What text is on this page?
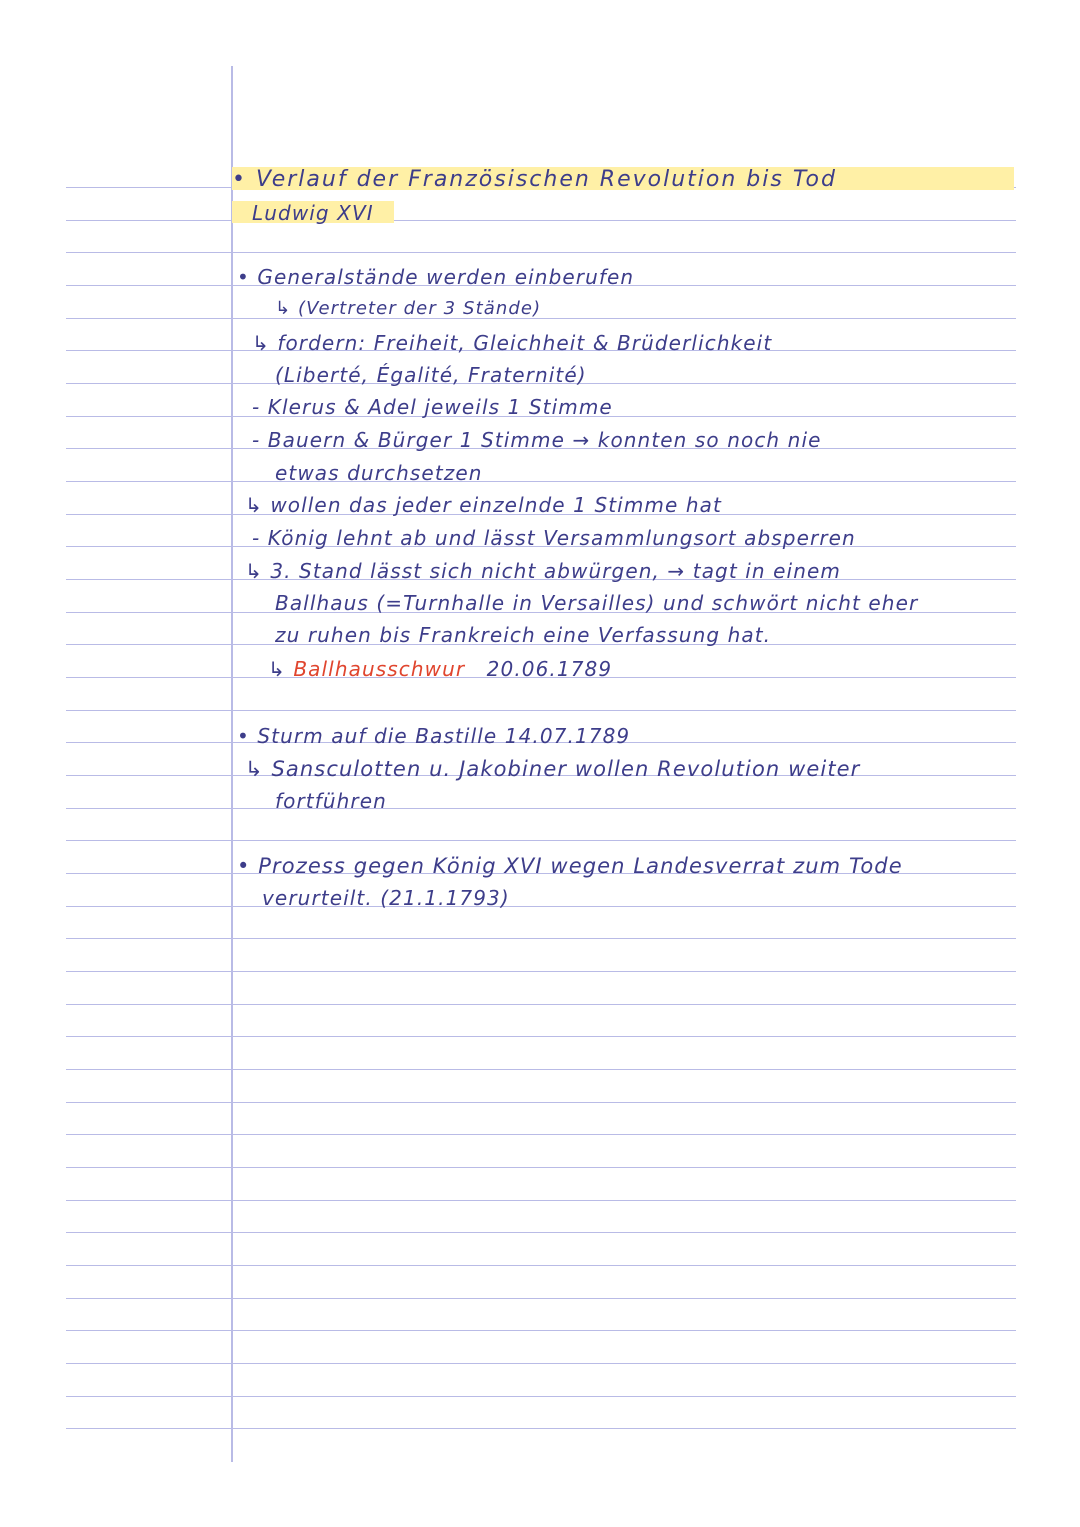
• Verlauf der Französischen Revolution bis Tod
Ludwig XVI
• Generalstände werden einberufen
↳ (Vertreter der 3 Stände)
↳ fordern: Freiheit, Gleichheit & Brüderlichkeit
(Liberté, Égalité, Fraternité)
- Klerus & Adel jeweils 1 Stimme
- Bauern & Bürger 1 Stimme → konnten so noch nie
etwas durchsetzen
↳ wollen das jeder einzelnde 1 Stimme hat
- König lehnt ab und lässt Versammlungsort absperren
↳ 3. Stand lässt sich nicht abwürgen, → tagt in einem
Ballhaus (=Turnhalle in Versailles) und schwört nicht eher
zu ruhen bis Frankreich eine Verfassung hat.
↳ Ballhausschwur 20.06.1789
• Sturm auf die Bastille 14.07.1789
↳ Sansculotten u. Jakobiner wollen Revolution weiter
fortführen
• Prozess gegen König XVI wegen Landesverrat zum Tode
verurteilt. (21.1.1793)
